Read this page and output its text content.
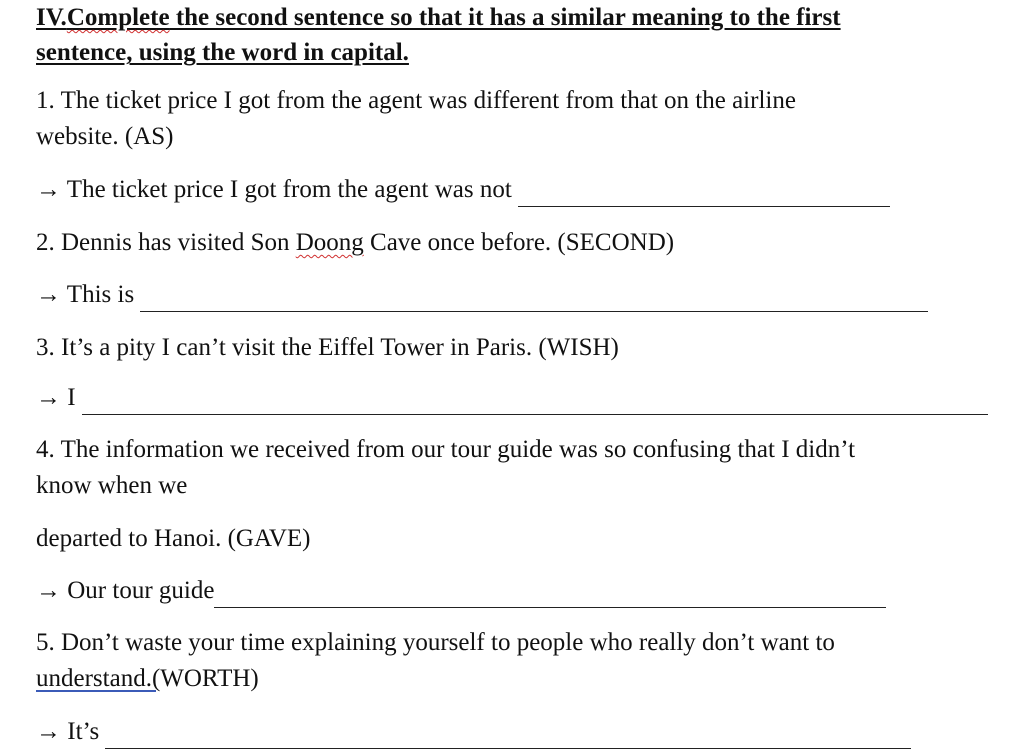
IV.Complete the second sentence so that it has a similar meaning to the first
sentence, using the word in capital.
1. The ticket price I got from the agent was different from that on the airline
website. (AS)
→ The ticket price I got from the agent was not
2. Dennis has visited Son Doong Cave once before. (SECOND)
→ This is
3. It’s a pity I can’t visit the Eiffel Tower in Paris. (WISH)
→ I
4. The information we received from our tour guide was so confusing that I didn’t
know when we
departed to Hanoi. (GAVE)
→ Our tour guide
5. Don’t waste your time explaining yourself to people who really don’t want to
understand.(WORTH)
→ It’s
